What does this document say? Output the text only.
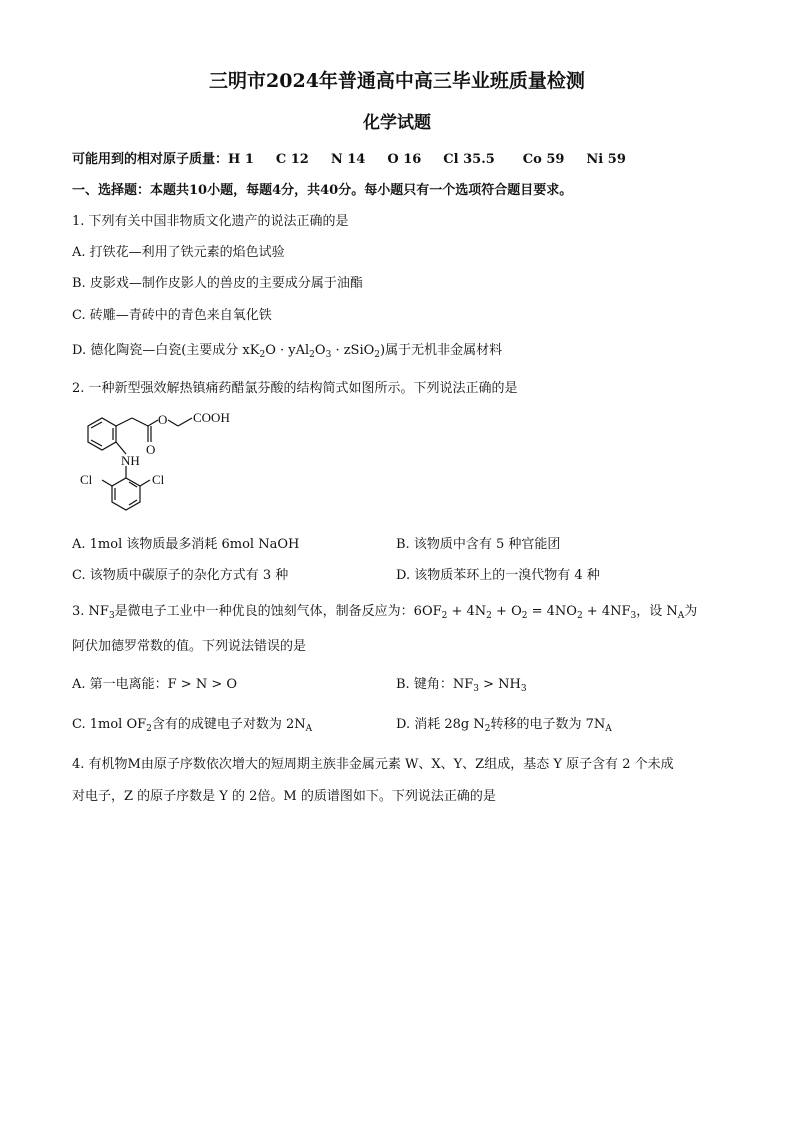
三明市2024年普通高中高三毕业班质量检测
化学试题
可能用到的相对原子质量：H 1 C 12 N 14 O 16 Cl 35.5 Co 59 Ni 59
一、选择题：本题共10小题，每题4分，共40分。每小题只有一个选项符合题目要求。
1. 下列有关中国非物质文化遗产的说法正确的是
A. 打铁花—利用了铁元素的焰色试验
B. 皮影戏—制作皮影人的兽皮的主要成分属于油酯
C. 砖雕—青砖中的青色来自氧化铁
D. 德化陶瓷—白瓷(主要成分 $xK_2O \cdot yAl_2O_3$ · zSiO$_2$)属于无机非金属材料
2. 一种新型强效解热镇痛药醋氯芬酸的结构简式如图所示。下列说法正确的是
O COOH
O
NH
Cl	Cl
A. 1mol 该物质最多消耗 6mol NaOH	B. 该物质中含有 5 种官能团
C. 该物质中碳原子的杂化方式有 3 种	D. 该物质苯环上的一溴代物有 4 种
3. $NF_3$是微电子工业中一种优良的蚀刻气体，制备反应为：$6OF_2 + 4N_2 + O_2 = 4NO_2 + 4NF_3$，设 $N_A$为
阿伏加德罗常数的值。下列说法错误的是
A. 第一电离能：F > N > O	B. 键角：$NF_3 > NH_3$
C. 1mol $OF_2$含有的成键电子对数为 $2N_A$	D. 消耗 28g $N_2$转移的电子数为 $7N_A$
4. 有机物M由原子序数依次增大的短周期主族非金属元素 W、X、Y、Z组成，基态 Y 原子含有 2 个未成
对电子，Z 的原子序数是 Y 的 2倍。M 的质谱图如下。下列说法正确的是
